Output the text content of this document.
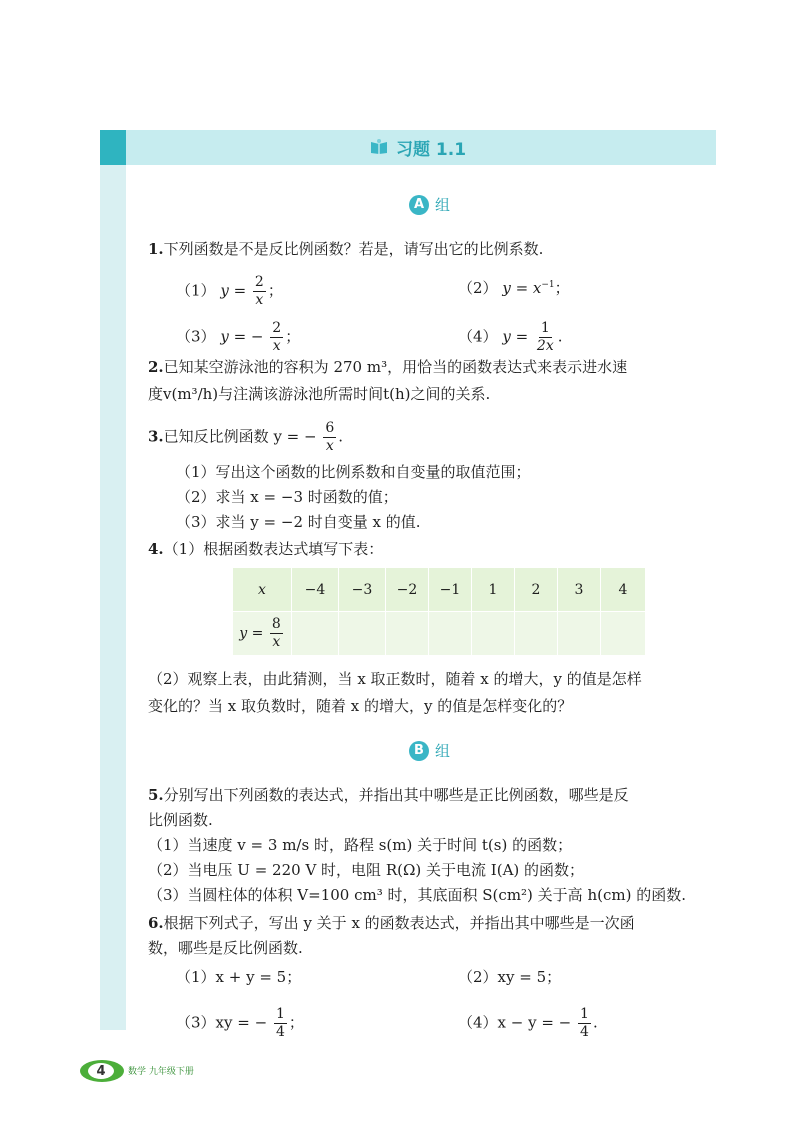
习题 1.1
A 组
1.下列函数是不是反比例函数？若是，请写出它的比例系数.
（1） $y = \frac{2}{x}$ ；	（2） $y = x^{-1}$；
（3） y = − $\frac{2}{x}$ ；	（4） $y = \frac{1}{2x}$ .
2.已知某空游泳池的容积为 270 m³，用恰当的函数表达式来表示进水速
度v(m³/h)与注满该游泳池所需时间t(h)之间的关系.
3.已知反比例函数 y = − $\frac{6}{x}$ .
（1）写出这个函数的比例系数和自变量的取值范围；
（2）求当 x = −3 时函数的值；
（3）求当 y = −2 时自变量 x 的值.
4.（1）根据函数表达式填写下表：
x	−4	−3	−2	−1	1	2	3	4
$y = \frac{8}{x}$

（2）观察上表，由此猜测，当 x 取正数时，随着 x 的增大，y 的值是怎样
变化的？当 x 取负数时，随着 x 的增大，y 的值是怎样变化的？
B 组
5.分别写出下列函数的表达式，并指出其中哪些是正比例函数，哪些是反
比例函数.
（1）当速度 v = 3 m/s 时，路程 s(m) 关于时间 t(s) 的函数；
（2）当电压 U = 220 V 时，电阻 R(Ω) 关于电流 I(A) 的函数；
（3）当圆柱体的体积 V=100 cm³ 时，其底面积 S(cm²) 关于高 h(cm) 的函数.
6.根据下列式子，写出 y 关于 x 的函数表达式，并指出其中哪些是一次函
数，哪些是反比例函数.
（1）x + y = 5；	（2）xy = 5；
（3）xy = − $\frac{1}{4}$ ；	（4）x − y = − $\frac{1}{4}$ .
4	数学 九年级下册
